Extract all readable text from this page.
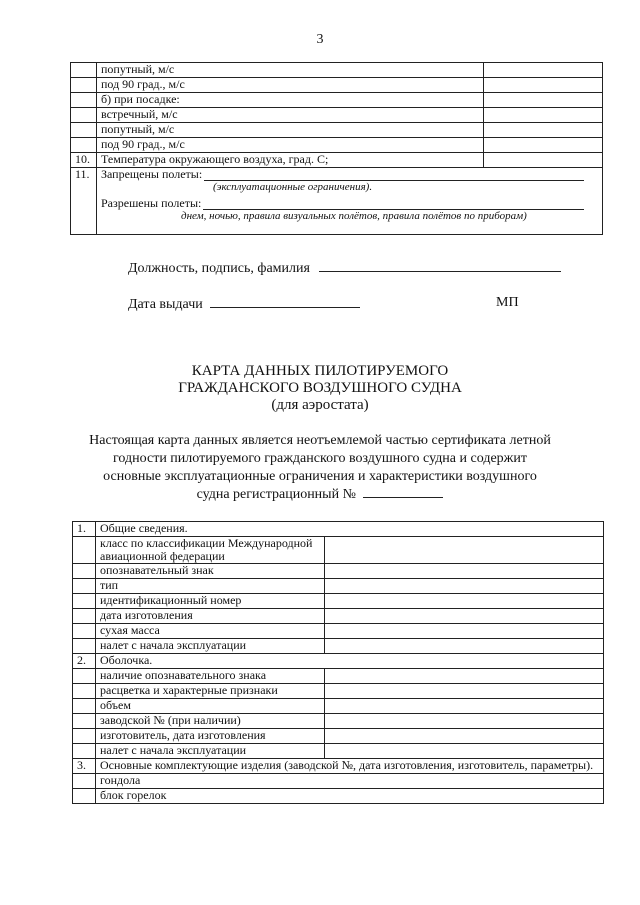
3
	попутный, м/с	
	под 90 град., м/с	
	б) при посадке:	
	встречный, м/с	
	попутный, м/с	
	под 90 град., м/с	
10.	Температура окружающего воздуха, град. С;	
11.	Запрещены полеты:
(эксплуатационные ограничения).
Разрешены полеты:
днем, ночью, правила визуальных полётов, правила полётов по приборам)	
Должность, подпись, фамилия
Дата выдачи	МП
КАРТА ДАННЫХ ПИЛОТИРУЕМОГО
ГРАЖДАНСКОГО ВОЗДУШНОГО СУДНА
(для аэростата)
Настоящая карта данных является неотъемлемой частью сертификата летной
годности пилотируемого гражданского воздушного судна и содержит
основные эксплуатационные ограничения и характеристики воздушного
судна регистрационный №
1.	Общие сведения.	
	класс по классификации Международной авиационной федерации	
	опознавательный знак	
	тип	
	идентификационный номер	
	дата изготовления	
	сухая масса	
	налет с начала эксплуатации	
2.	Оболочка.	
	наличие опознавательного знака	
	расцветка и характерные признаки	
	объем	
	заводской № (при наличии)	
	изготовитель, дата изготовления	
	налет с начала эксплуатации	
3.	Основные комплектующие изделия (заводской №, дата изготовления, изготовитель, параметры).	
	гондола	
	блок горелок	
